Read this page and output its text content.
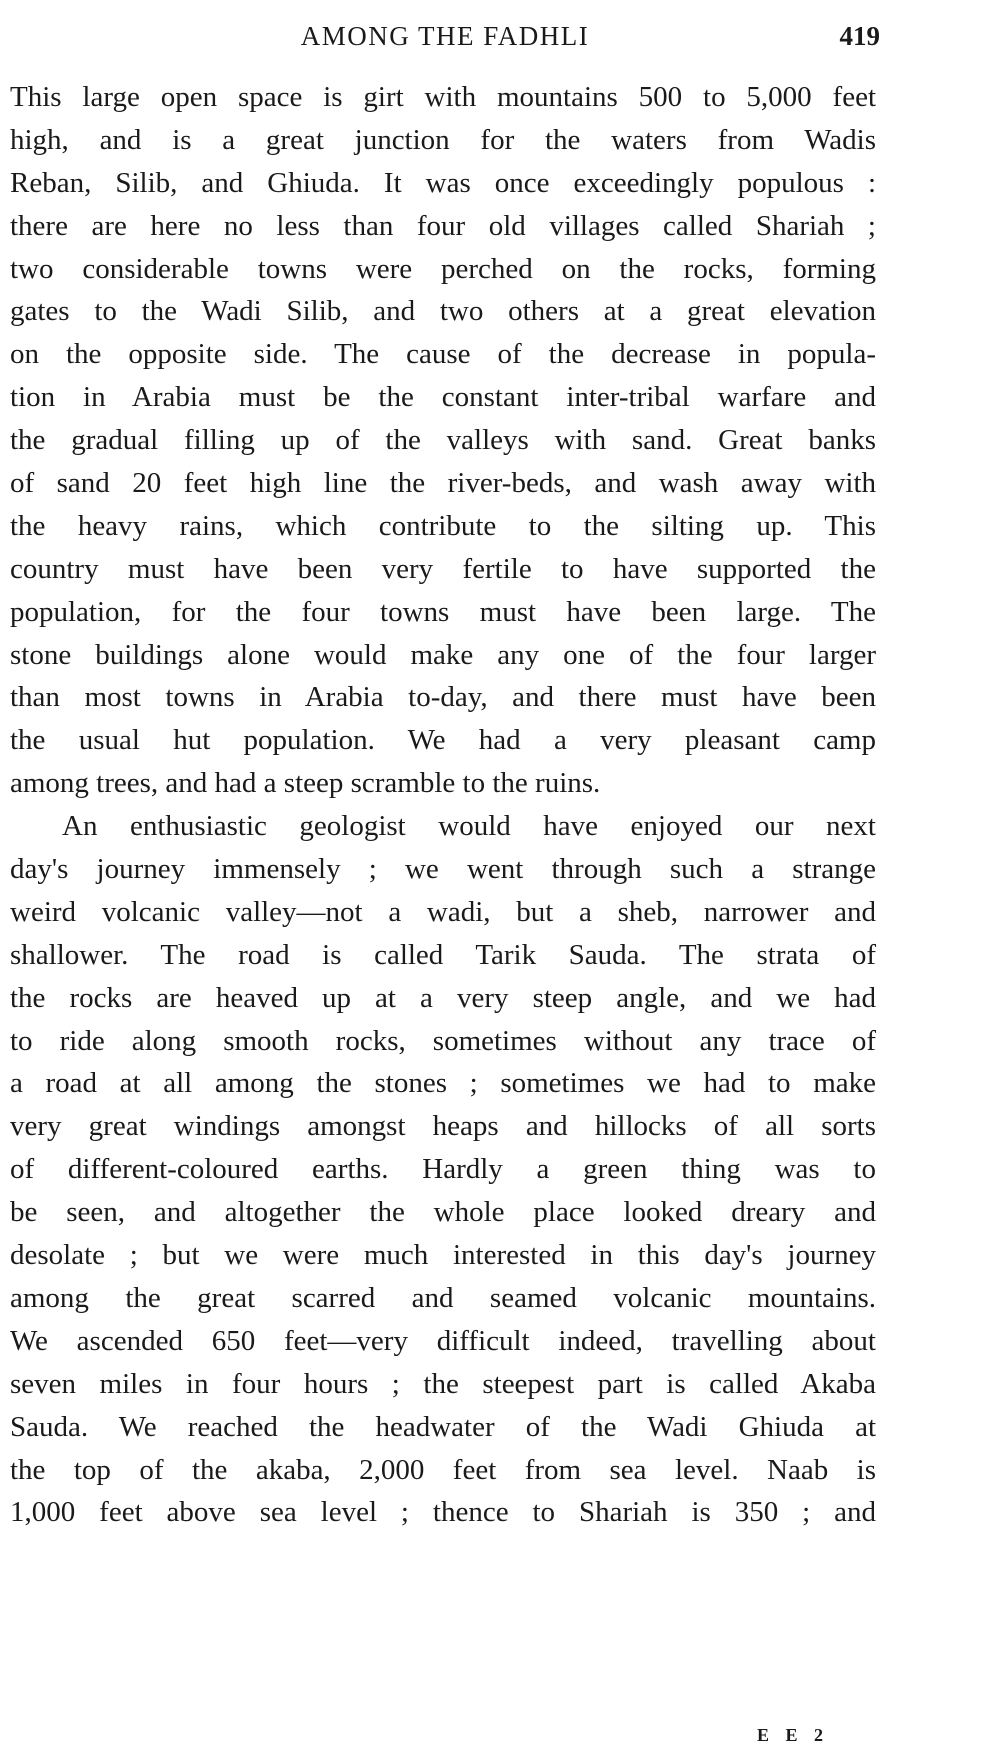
AMONG THE FADHLI	419
This large open space is girt with mountains 500 to 5,000 feet
high, and is a great junction for the waters from Wadis
Reban, Silib, and Ghiuda. It was once exceedingly populous :
there are here no less than four old villages called Shariah ;
two considerable towns were perched on the rocks, forming
gates to the Wadi Silib, and two others at a great elevation
on the opposite side. The cause of the decrease in popula-
tion in Arabia must be the constant inter-tribal warfare and
the gradual filling up of the valleys with sand. Great banks
of sand 20 feet high line the river-beds, and wash away with
the heavy rains, which contribute to the silting up. This
country must have been very fertile to have supported the
population, for the four towns must have been large. The
stone buildings alone would make any one of the four larger
than most towns in Arabia to-day, and there must have been
the usual hut population. We had a very pleasant camp
among trees, and had a steep scramble to the ruins.
An enthusiastic geologist would have enjoyed our next
day's journey immensely ; we went through such a strange
weird volcanic valley—not a wadi, but a sheb, narrower and
shallower. The road is called Tarik Sauda. The strata of
the rocks are heaved up at a very steep angle, and we had
to ride along smooth rocks, sometimes without any trace of
a road at all among the stones ; sometimes we had to make
very great windings amongst heaps and hillocks of all sorts
of different-coloured earths. Hardly a green thing was to
be seen, and altogether the whole place looked dreary and
desolate ; but we were much interested in this day's journey
among the great scarred and seamed volcanic mountains.
We ascended 650 feet—very difficult indeed, travelling about
seven miles in four hours ; the steepest part is called Akaba
Sauda. We reached the headwater of the Wadi Ghiuda at
the top of the akaba, 2,000 feet from sea level. Naab is
1,000 feet above sea level ; thence to Shariah is 350 ; and
E E 2
